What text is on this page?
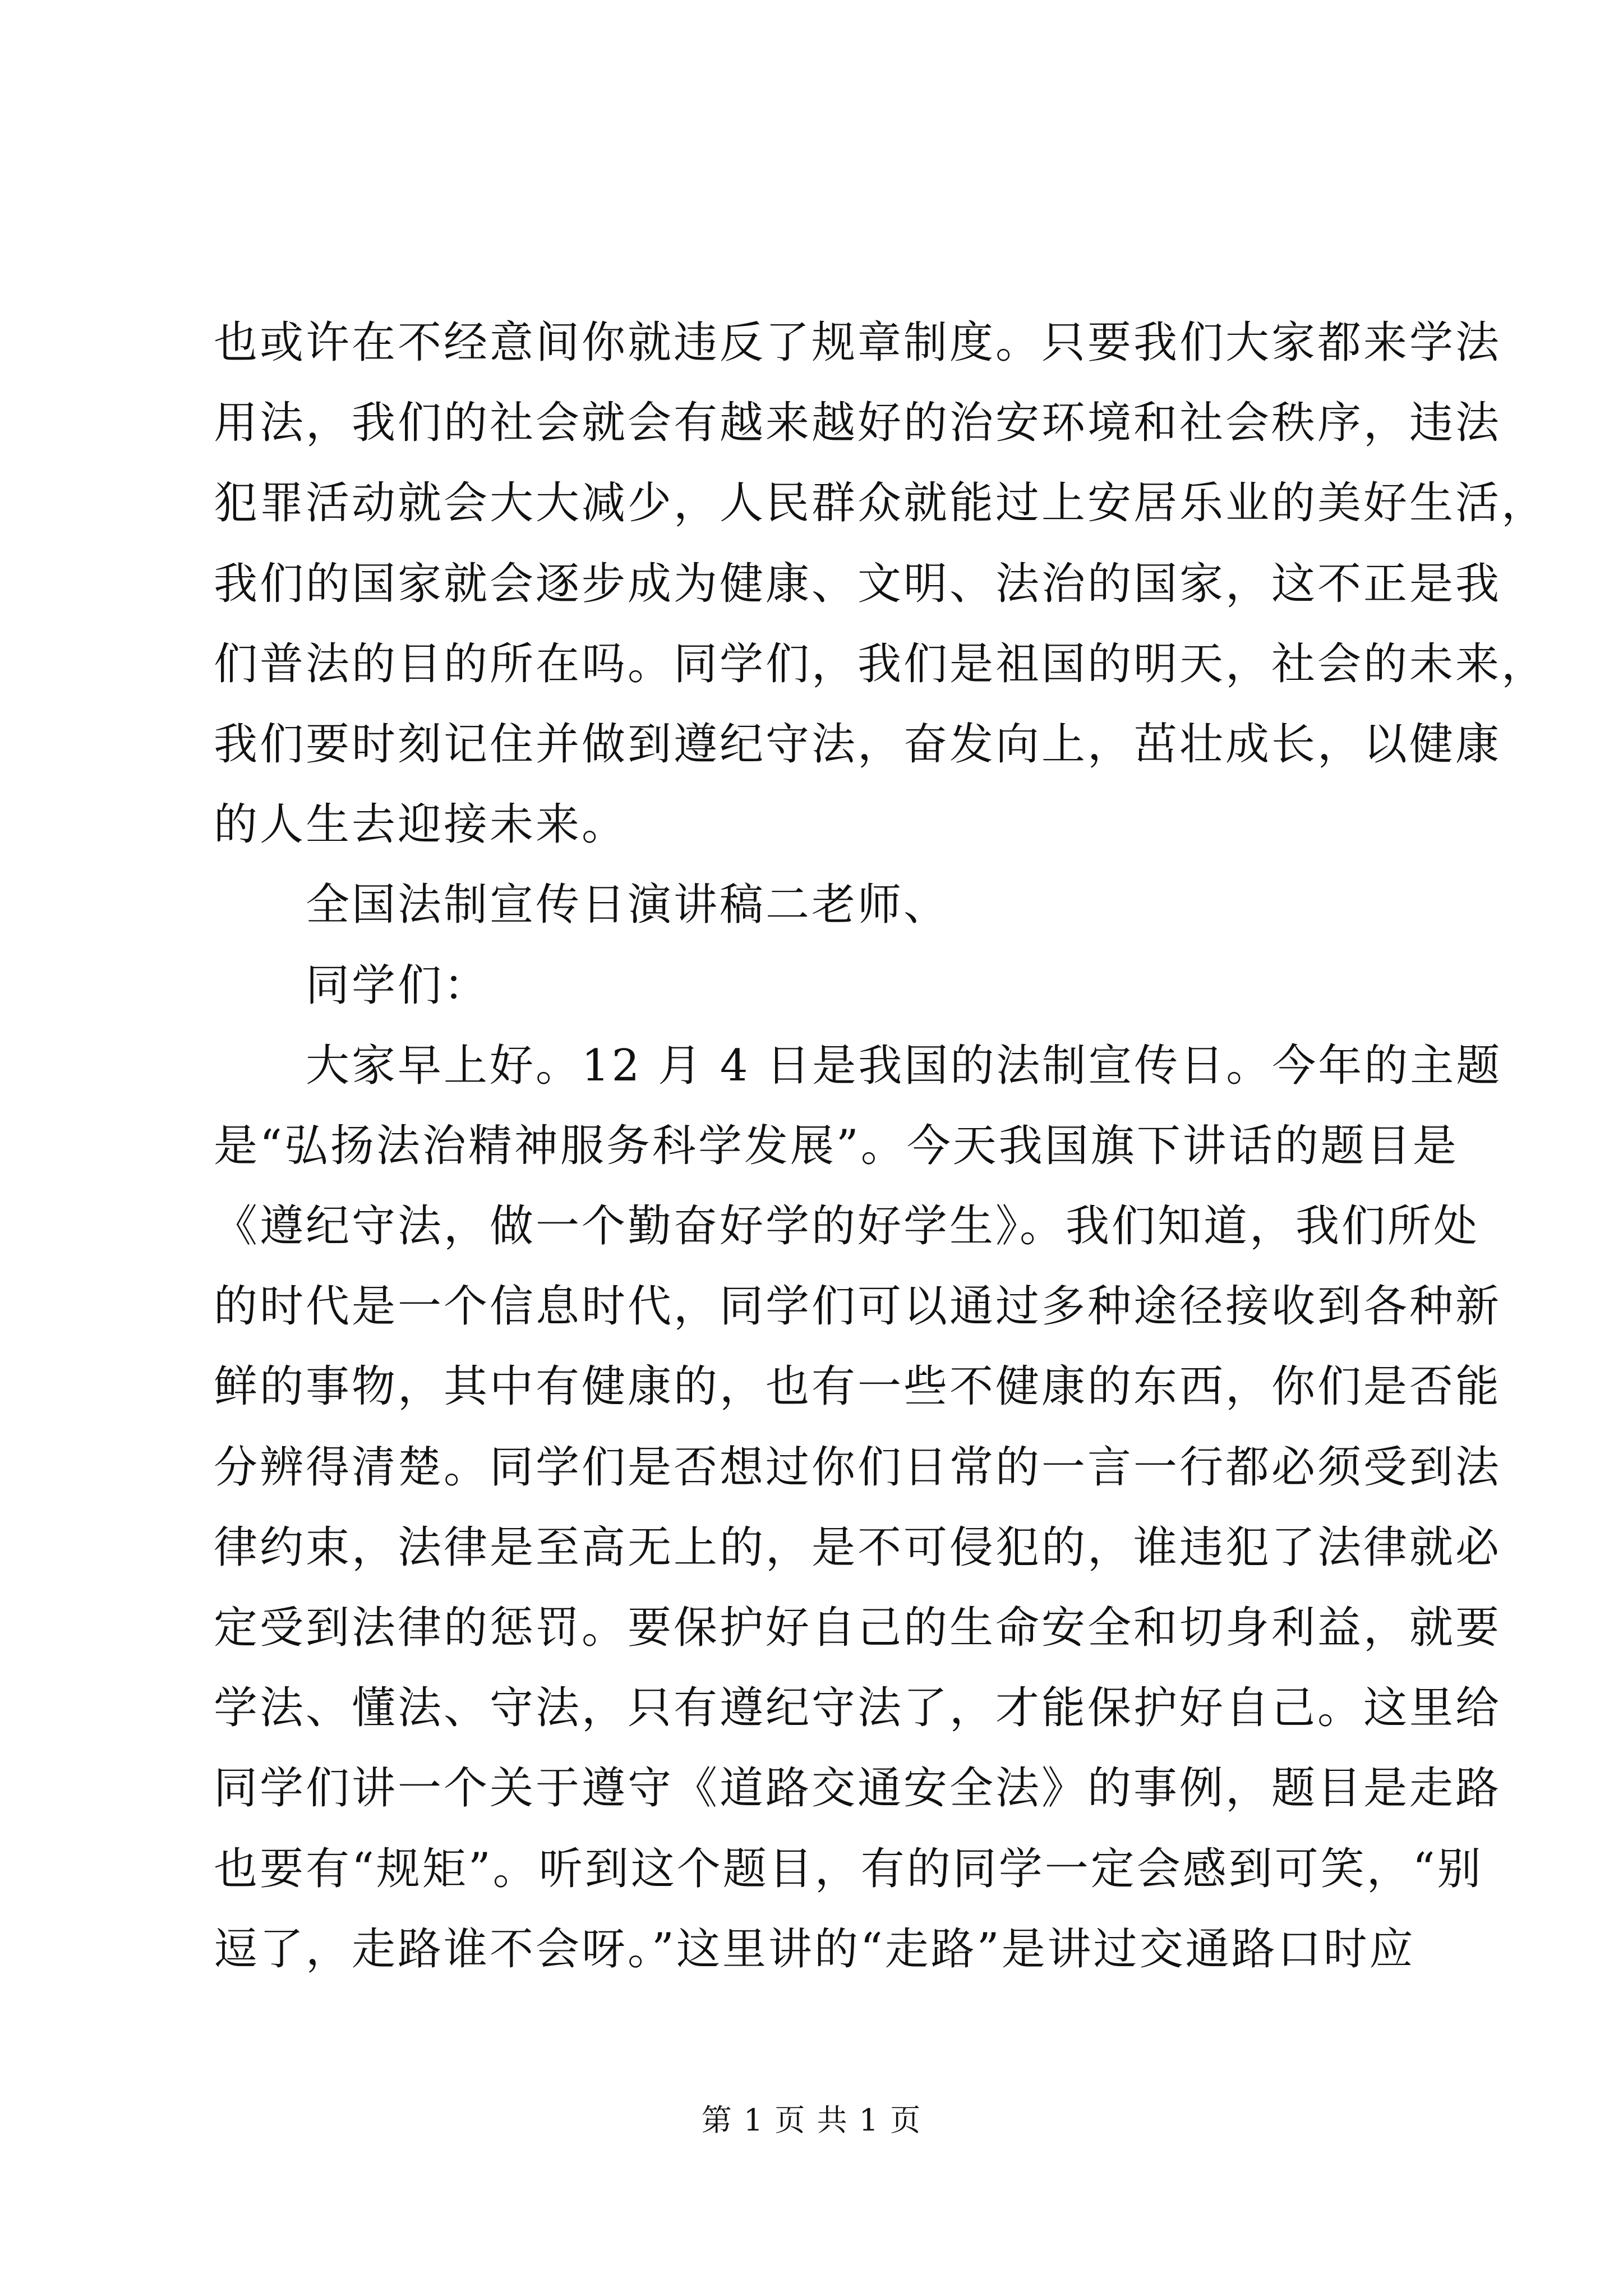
也或许在不经意间你就违反了规章制度。只要我们大家都来学法
用法，我们的社会就会有越来越好的治安环境和社会秩序，违法
犯罪活动就会大大减少，人民群众就能过上安居乐业的美好生活，
我们的国家就会逐步成为健康、文明、法治的国家，这不正是我
们普法的目的所在吗。同学们，我们是祖国的明天，社会的未来，
我们要时刻记住并做到遵纪守法，奋发向上，茁壮成长，以健康
的人生去迎接未来。
全国法制宣传日演讲稿二老师、
同学们：
大家早上好。12 月 4 日是我国的法制宣传日。今年的主题
是“弘扬法治精神服务科学发展”。今天我国旗下讲话的题目是
《遵纪守法，做一个勤奋好学的好学生》。我们知道，我们所处
的时代是一个信息时代，同学们可以通过多种途径接收到各种新
鲜的事物，其中有健康的，也有一些不健康的东西，你们是否能
分辨得清楚。同学们是否想过你们日常的一言一行都必须受到法
律约束，法律是至高无上的，是不可侵犯的，谁违犯了法律就必
定受到法律的惩罚。要保护好自己的生命安全和切身利益，就要
学法、懂法、守法，只有遵纪守法了，才能保护好自己。这里给
同学们讲一个关于遵守《道路交通安全法》的事例，题目是走路
也要有“规矩”。听到这个题目，有的同学一定会感到可笑，“别
逗了，走路谁不会呀。”这里讲的“走路”是讲过交通路口时应
第 1 页 共 1 页
